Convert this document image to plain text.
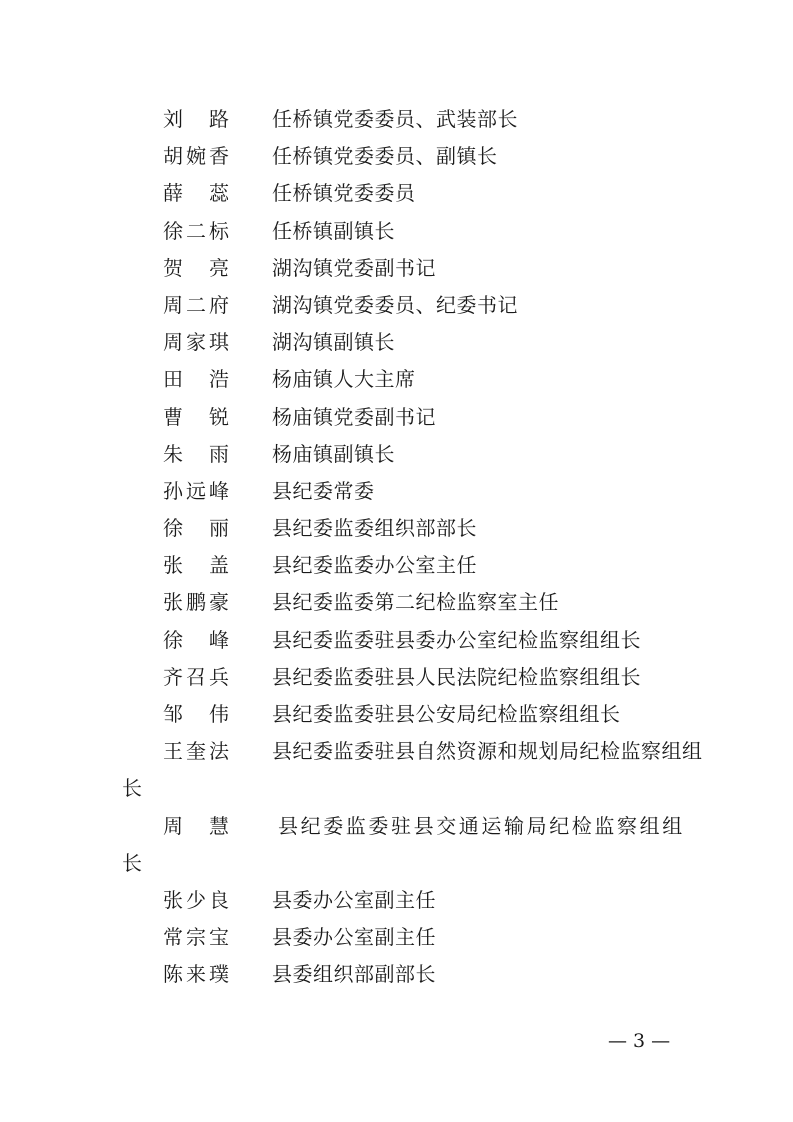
刘 路 任桥镇党委委员、武装部长
胡 婉 香 任桥镇党委委员、副镇长
薛 蕊 任桥镇党委委员
徐 二 标 任桥镇副镇长
贺 亮 湖沟镇党委副书记
周 二 府 湖沟镇党委委员、纪委书记
周 家 琪 湖沟镇副镇长
田 浩 杨庙镇人大主席
曹 锐 杨庙镇党委副书记
朱 雨 杨庙镇副镇长
孙 远 峰 县纪委常委
徐 丽 县纪委监委组织部部长
张 盖 县纪委监委办公室主任
张 鹏 豪 县纪委监委第二纪检监察室主任
徐 峰 县纪委监委驻县委办公室纪检监察组组长
齐 召 兵 县纪委监委驻县人民法院纪检监察组组长
邹 伟 县纪委监委驻县公安局纪检监察组组长
王 奎 法 县纪委监委驻县自然资源和规划局纪检监察组组
长
周 慧 县纪委监委驻县交通运输局纪检监察组组
长
张 少 良 县委办公室副主任
常 宗 宝 县委办公室副主任
陈 来 璞 县委组织部副部长
— 3 —
